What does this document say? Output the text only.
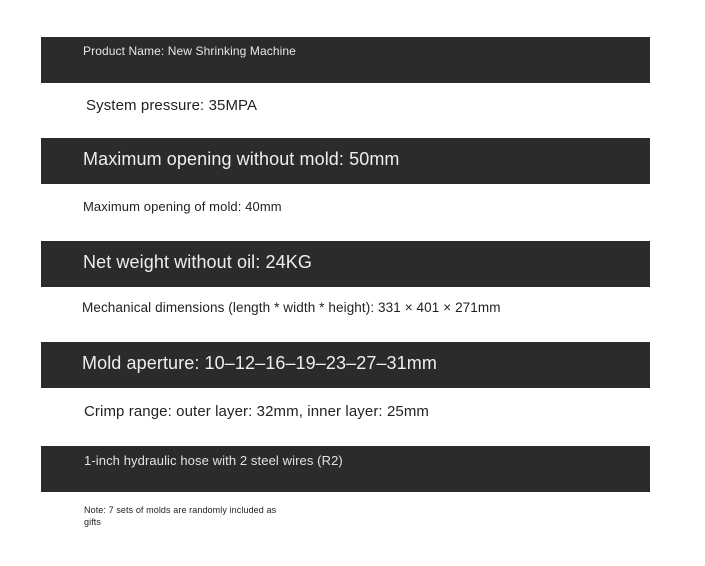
Product Name: New Shrinking Machine
System pressure: 35MPA
Maximum opening without mold: 50mm
Maximum opening of mold: 40mm
Net weight without oil: 24KG
Mechanical dimensions (length * width * height): 331 × 401 × 271mm
Mold aperture: 10–12–16–19–23–27–31mm
Crimp range: outer layer: 32mm, inner layer: 25mm
1-inch hydraulic hose with 2 steel wires (R2)
Note: 7 sets of molds are randomly included as
gifts
